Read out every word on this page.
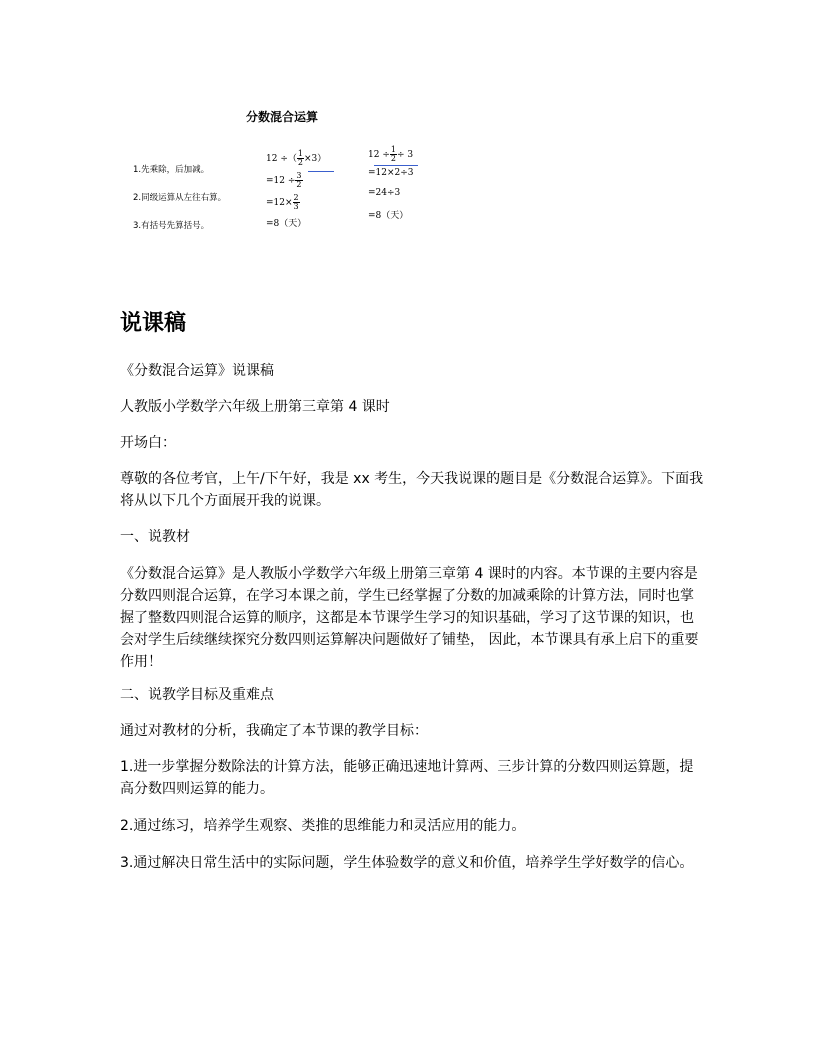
分数混合运算
1.先乘除，后加减。
2.同级运算从左往右算。
3.有括号先算括号。
12 ÷（ $\frac{1}{2} \times 3$）
$=12 \div \frac{3}{2}$
$=12\times \frac{2}{3}$
=8（天）
$12 \div \frac{1}{2} \div 3$
=12×2÷3
=24÷3
=8（天）
说课稿
《分数混合运算》说课稿
人教版小学数学六年级上册第三章第 4 课时
开场白：
尊敬的各位考官，上午/下午好，我是 xx 考生，今天我说课的题目是《分数混合运算》。下面我将从以下几个方面展开我的说课。
一、说教材
《分数混合运算》是人教版小学数学六年级上册第三章第 4 课时的内容。本节课的主要内容是分数四则混合运算，在学习本课之前，学生已经掌握了分数的加减乘除的计算方法，同时也掌握了整数四则混合运算的顺序，这都是本节课学生学习的知识基础，学习了这节课的知识，也会对学生后续继续探究分数四则运算解决问题做好了铺垫， 因此，本节课具有承上启下的重要作用！
二、说教学目标及重难点
通过对教材的分析，我确定了本节课的教学目标：
1.进一步掌握分数除法的计算方法，能够正确迅速地计算两、三步计算的分数四则运算题，提高分数四则运算的能力。
2.通过练习，培养学生观察、类推的思维能力和灵活应用的能力。
3.通过解决日常生活中的实际问题，学生体验数学的意义和价值，培养学生学好数学的信心。
